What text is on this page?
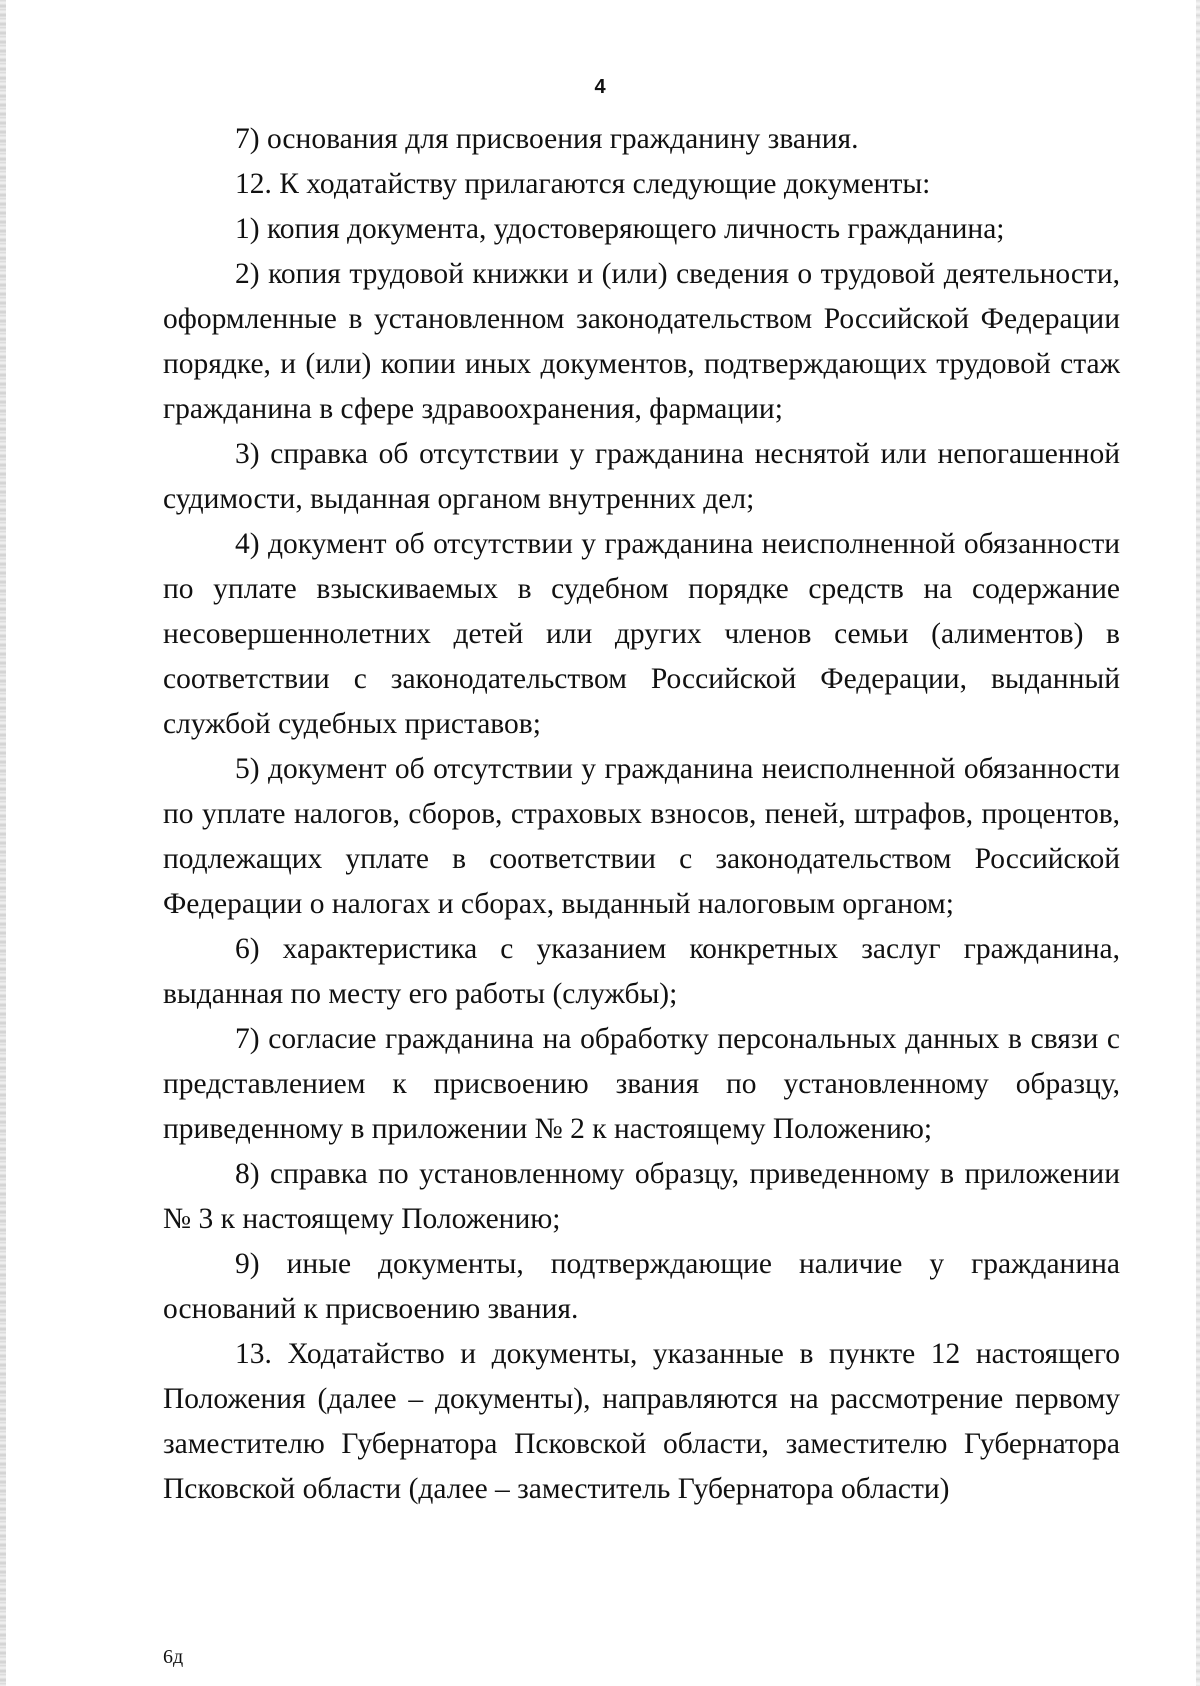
4

7) основания для присвоения гражданину звания.

12. К ходатайству прилагаются следующие документы:

1) копия документа, удостоверяющего личность гражданина;

2) копия трудовой книжки и (или) сведения о трудовой деятельности, оформленные в установленном законодательством Российской Федерации порядке, и (или) копии иных документов, подтверждающих трудовой стаж гражданина в сфере здравоохранения, фармации;

3) справка об отсутствии у гражданина неснятой или непогашенной судимости, выданная органом внутренних дел;

4) документ об отсутствии у гражданина неисполненной обязанности по уплате взыскиваемых в судебном порядке средств на содержание несовершеннолетних детей или других членов семьи (алиментов) в соответствии с законодательством Российской Федерации, выданный службой судебных приставов;

5) документ об отсутствии у гражданина неисполненной обязанности по уплате налогов, сборов, страховых взносов, пеней, штрафов, процентов, подлежащих уплате в соответствии с законодательством Российской Федерации о налогах и сборах, выданный налоговым органом;

6) характеристика с указанием конкретных заслуг гражданина, выданная по месту его работы (службы);

7) согласие гражданина на обработку персональных данных в связи с представлением к присвоению звания по установленному образцу, приведенному в приложении № 2 к настоящему Положению;

8) справка по установленному образцу, приведенному в приложении № 3 к настоящему Положению;

9) иные документы, подтверждающие наличие у гражданина оснований к присвоению звания.

13. Ходатайство и документы, указанные в пункте 12 настоящего Положения (далее – документы), направляются на рассмотрение первому заместителю Губернатора Псковской области, заместителю Губернатора Псковской области (далее – заместитель Губернатора области)

6д
